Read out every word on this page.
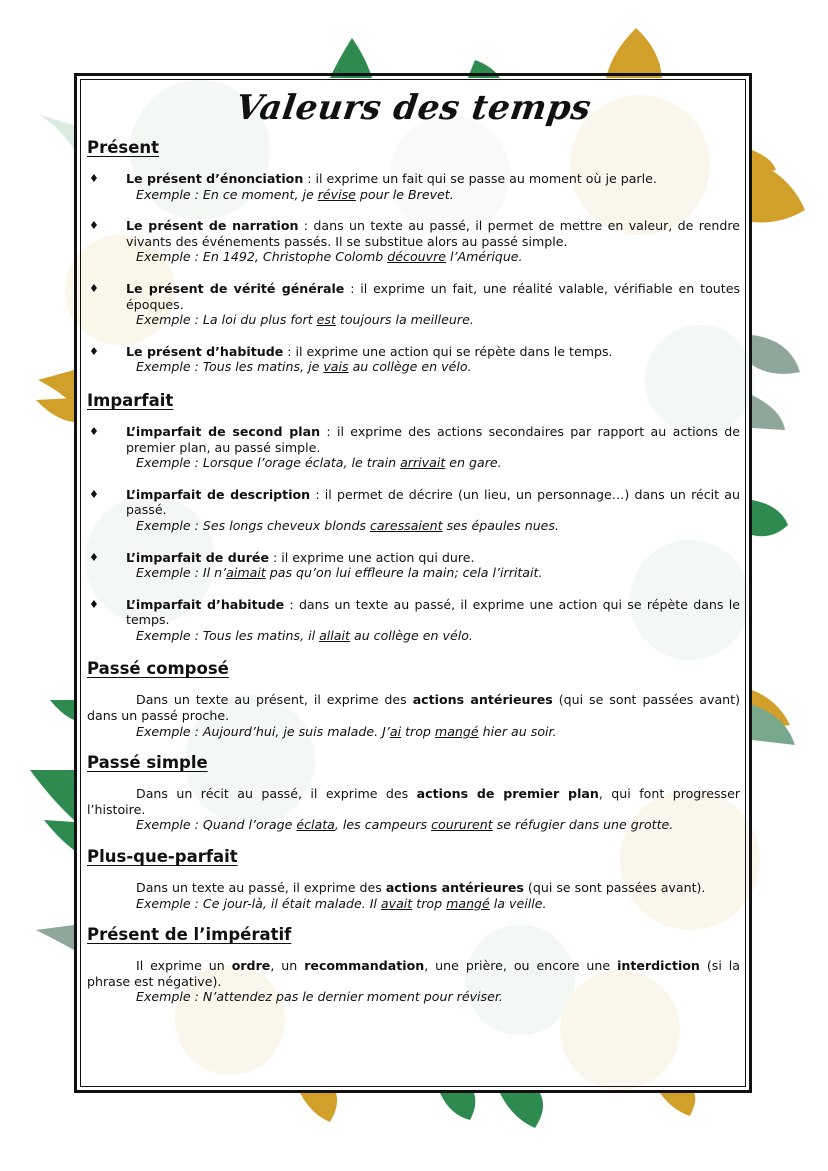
Valeurs des temps
Présent
♦ Le présent d’énonciation : il exprime un fait qui se passe au moment où je parle.
Exemple : En ce moment, je révise pour le Brevet.
♦ Le présent de narration : dans un texte au passé, il permet de mettre en valeur, de rendre vivants des événements passés. Il se substitue alors au passé simple.
Exemple : En 1492, Christophe Colomb découvre l’Amérique.
♦ Le présent de vérité générale : il exprime un fait, une réalité valable, vérifiable en toutes époques.
Exemple : La loi du plus fort est toujours la meilleure.
♦ Le présent d’habitude : il exprime une action qui se répète dans le temps.
Exemple : Tous les matins, je vais au collège en vélo.
Imparfait
♦ L’imparfait de second plan : il exprime des actions secondaires par rapport au actions de premier plan, au passé simple.
Exemple : Lorsque l’orage éclata, le train arrivait en gare.
♦ L’imparfait de description : il permet de décrire (un lieu, un personnage…) dans un récit au passé.
Exemple : Ses longs cheveux blonds caressaient ses épaules nues.
♦ L’imparfait de durée : il exprime une action qui dure.
Exemple : Il n’aimait pas qu’on lui effleure la main; cela l’irritait.
♦ L’imparfait d’habitude : dans un texte au passé, il exprime une action qui se répète dans le temps.
Exemple : Tous les matins, il allait au collège en vélo.
Passé composé
Dans un texte au présent, il exprime des actions antérieures (qui se sont passées avant) dans un passé proche.
Exemple : Aujourd’hui, je suis malade. J’ai trop mangé hier au soir.
Passé simple
Dans un récit au passé, il exprime des actions de premier plan, qui font progresser l’histoire.
Exemple : Quand l’orage éclata, les campeurs coururent se réfugier dans une grotte.
Plus-que-parfait
Dans un texte au passé, il exprime des actions antérieures (qui se sont passées avant).
Exemple : Ce jour-là, il était malade. Il avait trop mangé la veille.
Présent de l’impératif
Il exprime un ordre, un recommandation, une prière, ou encore une interdiction (si la phrase est négative).
Exemple : N’attendez pas le dernier moment pour réviser.
